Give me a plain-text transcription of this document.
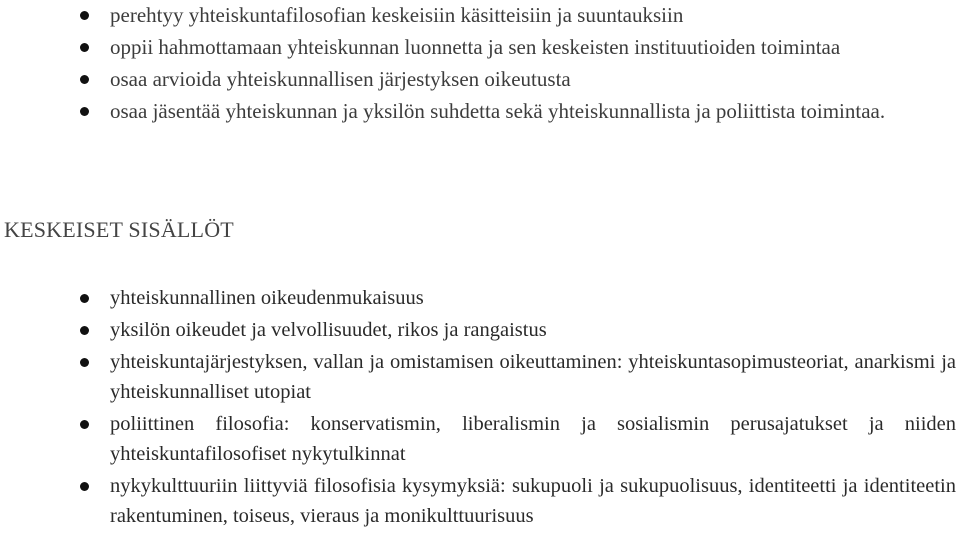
perehtyy yhteiskuntafilosofian keskeisiin käsitteisiin ja suuntauksiin
oppii hahmottamaan yhteiskunnan luonnetta ja sen keskeisten instituutioiden toimintaa
osaa arvioida yhteiskunnallisen järjestyksen oikeutusta
osaa jäsentää yhteiskunnan ja yksilön suhdetta sekä yhteiskunnallista ja poliittista toimintaa.
KESKEISET SISÄLLÖT
yhteiskunnallinen oikeudenmukaisuus
yksilön oikeudet ja velvollisuudet, rikos ja rangaistus
yhteiskuntajärjestyksen, vallan ja omistamisen oikeuttaminen: yhteiskuntasopimusteoriat, anarkismi ja yhteiskunnalliset utopiat
poliittinen filosofia: konservatismin, liberalismin ja sosialismin perusajatukset ja niiden yhteiskuntafilosofiset nykytulkinnat
nykykulttuuriin liittyviä filosofisia kysymyksiä: sukupuoli ja sukupuolisuus, identiteetti ja identiteetin rakentuminen, toiseus, vieraus ja monikulttuurisuus
